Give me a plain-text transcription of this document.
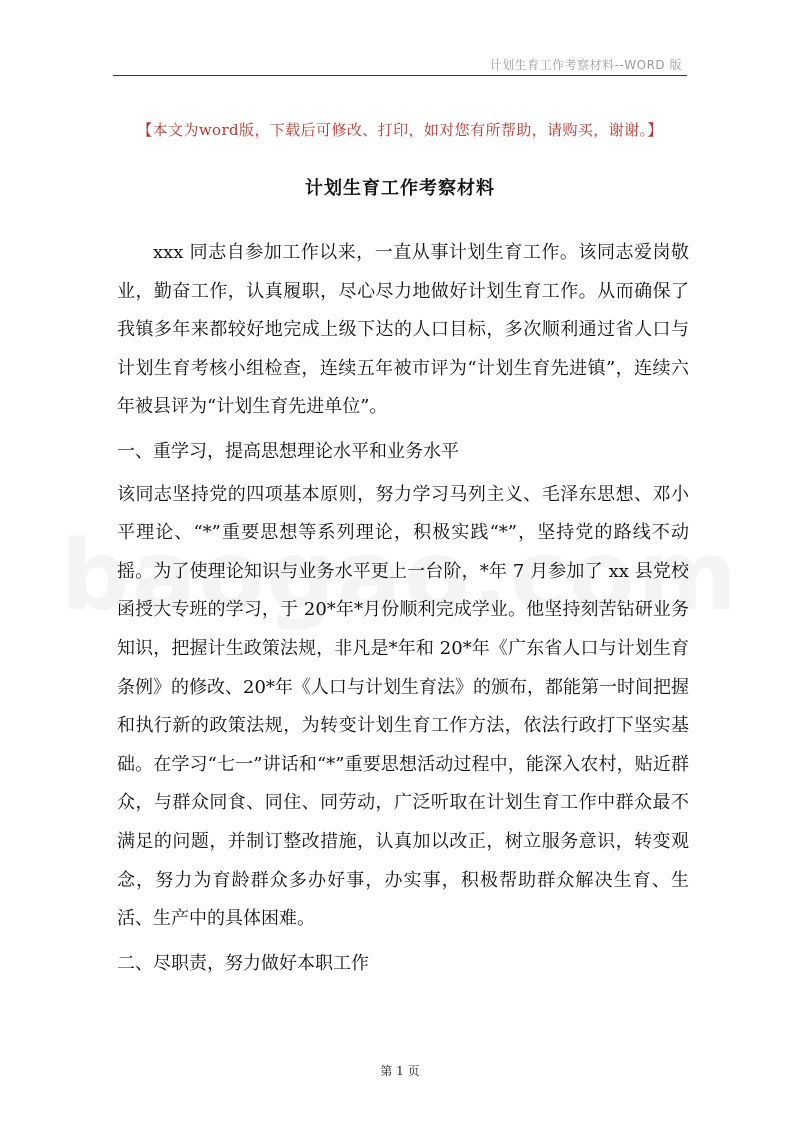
计划生育工作考察材料--WORD 版
【本文为word版，下载后可修改、打印，如对您有所帮助，请购买，谢谢。】
计划生育工作考察材料

xxx 同志自参加工作以来，一直从事计划生育工作。该同志爱岗敬业，勤奋工作，认真履职，尽心尽力地做好计划生育工作。从而确保了我镇多年来都较好地完成上级下达的人口目标，多次顺利通过省人口与计划生育考核小组检查，连续五年被市评为“计划生育先进镇”，连续六年被县评为“计划生育先进单位”。

一、重学习，提高思想理论水平和业务水平

该同志坚持党的四项基本原则，努力学习马列主义、毛泽东思想、邓小平理论、“*”重要思想等系列理论，积极实践“*”，坚持党的路线不动摇。为了使理论知识与业务水平更上一台阶，*年 7 月参加了 xx 县党校函授大专班的学习，于 20*年*月份顺利完成学业。他坚持刻苦钻研业务知识，把握计生政策法规，非凡是*年和 20*年《广东省人口与计划生育条例》的修改、20*年《人口与计划生育法》的颁布，都能第一时间把握和执行新的政策法规，为转变计划生育工作方法，依法行政打下坚实基础。在学习“七一”讲话和“*”重要思想活动过程中，能深入农村，贴近群众，与群众同食、同住、同劳动，广泛听取在计划生育工作中群众最不满足的问题，并制订整改措施，认真加以改正，树立服务意识，转变观念，努力为育龄群众多办好事，办实事，积极帮助群众解决生育、生活、生产中的具体困难。

二、尽职责，努力做好本职工作

第 1 页
